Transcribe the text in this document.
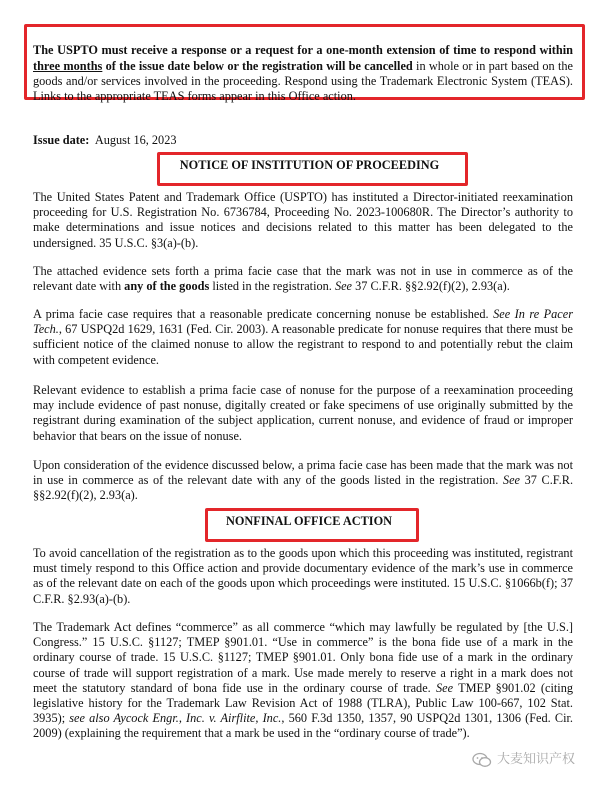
The USPTO must receive a response or a request for a one-month extension of time to respond within three months of the issue date below or the registration will be cancelled in whole or in part based on the goods and/or services involved in the proceeding. Respond using the Trademark Electronic System (TEAS). Links to the appropriate TEAS forms appear in this Office action.

Issue date: August 16, 2023
NOTICE OF INSTITUTION OF PROCEEDING

The United States Patent and Trademark Office (USPTO) has instituted a Director-initiated reexamination proceeding for U.S. Registration No. 6736784, Proceeding No. 2023-100680R. The Director’s authority to make determinations and issue notices and decisions related to this matter has been delegated to the undersigned. 35 U.S.C. §3(a)-(b).

The attached evidence sets forth a prima facie case that the mark was not in use in commerce as of the relevant date with any of the goods listed in the registration. See 37 C.F.R. §§2.92(f)(2), 2.93(a).

A prima facie case requires that a reasonable predicate concerning nonuse be established. See In re Pacer Tech., 67 USPQ2d 1629, 1631 (Fed. Cir. 2003). A reasonable predicate for nonuse requires that there must be sufficient notice of the claimed nonuse to allow the registrant to respond to and potentially rebut the claim with competent evidence.

Relevant evidence to establish a prima facie case of nonuse for the purpose of a reexamination proceeding may include evidence of past nonuse, digitally created or fake specimens of use originally submitted by the registrant during examination of the subject application, current nonuse, and evidence of fraud or improper behavior that bears on the issue of nonuse.

Upon consideration of the evidence discussed below, a prima facie case has been made that the mark was not in use in commerce as of the relevant date with any of the goods listed in the registration. See 37 C.F.R. §§2.92(f)(2), 2.93(a).

NONFINAL OFFICE ACTION

To avoid cancellation of the registration as to the goods upon which this proceeding was instituted, registrant must timely respond to this Office action and provide documentary evidence of the mark’s use in commerce as of the relevant date on each of the goods upon which proceedings were instituted. 15 U.S.C. §1066b(f); 37 C.F.R. §2.93(a)-(b).

The Trademark Act defines “commerce” as all commerce “which may lawfully be regulated by [the U.S.] Congress.” 15 U.S.C. §1127; TMEP §901.01. “Use in commerce” is the bona fide use of a mark in the ordinary course of trade. 15 U.S.C. §1127; TMEP §901.01. Only bona fide use of a mark in the ordinary course of trade will support registration of a mark. Use made merely to reserve a right in a mark does not meet the statutory standard of bona fide use in the ordinary course of trade. See TMEP §901.02 (citing legislative history for the Trademark Law Revision Act of 1988 (TLRA), Public Law 100-667, 102 Stat. 3935); see also Aycock Engr., Inc. v. Airflite, Inc., 560 F.3d 1350, 1357, 90 USPQ2d 1301, 1306 (Fed. Cir. 2009) (explaining the requirement that a mark be used in the “ordinary course of trade”).

大麦知识产权
